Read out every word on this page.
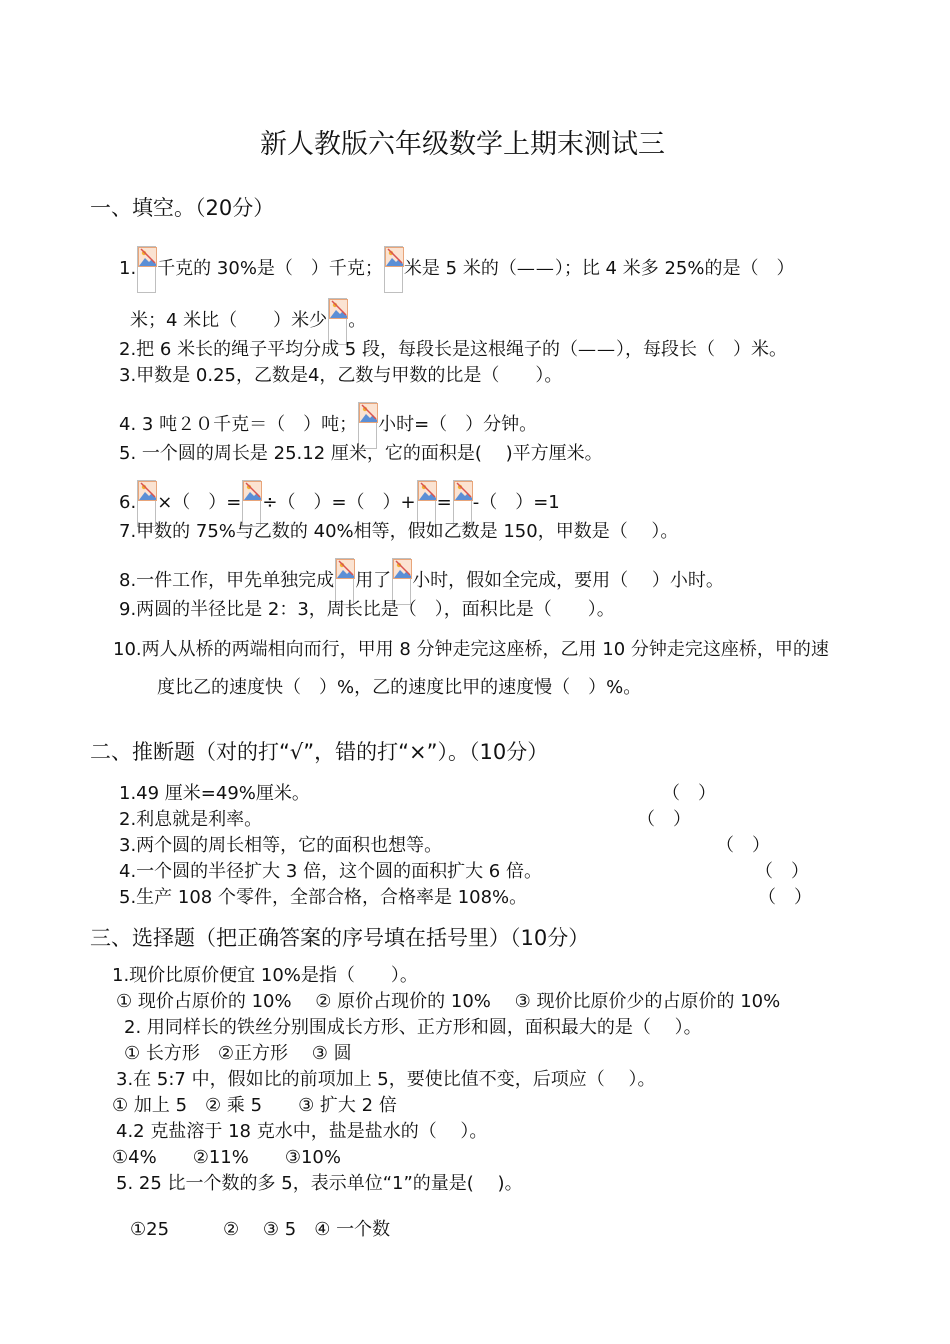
新人教版六年级数学上期末测试三
一、填空。（20分）
1. 千克的 30%是（　）千克； 米是 5 米的（——）；比 4 米多 25%的是（　）
米；4 米比（　　）米少 。
2.把 6 米长的绳子平均分成 5 段，每段长是这根绳子的（——），每段长（　）米。
3.甲数是 0.25，乙数是4，乙数与甲数的比是（　　）。
4. 3 吨２０千克＝（　）吨； 小时=（　）分钟。
5. 一个圆的周长是 25.12 厘米，它的面积是(　 )平方厘米。
6. ×（　）= ÷（　）=（　）+ = -（　）=1
7.甲数的 75%与乙数的 40%相等，假如乙数是 150，甲数是（　 ）。
8.一件工作，甲先单独完成 用了 小时，假如全完成，要用（　 ）小时。
9.两圆的半径比是 2：3，周长比是（　），面积比是（　　）。
10.两人从桥的两端相向而行，甲用 8 分钟走完这座桥，乙用 10 分钟走完这座桥，甲的速
度比乙的速度快（　）%，乙的速度比甲的速度慢（　）%。
二、推断题（对的打“√”，错的打“×”）。（10分）
1.49 厘米=49%厘米。	（　）
2.利息就是利率。	（　）
3.两个圆的周长相等，它的面积也想等。	（　）
4.一个圆的半径扩大 3 倍，这个圆的面积扩大 6 倍。	（　）
5.生产 108 个零件，全部合格，合格率是 108%。	（　）
三、选择题（把正确答案的序号填在括号里）（10分）
1.现价比原价便宜 10%是指（　　）。
① 现价占原价的 10%　 ② 原价占现价的 10%　 ③ 现价比原价少的占原价的 10%
2. 用同样长的铁丝分别围成长方形、正方形和圆，面积最大的是（　 ）。
① 长方形　②正方形　 ③ 圆
3.在 5:7 中，假如比的前项加上 5，要使比值不变，后项应（　 ）。
① 加上 5　② 乘 5　　③ 扩大 2 倍
4.2 克盐溶于 18 克水中，盐是盐水的（　 ）。
①4%　　②11%　　③10%
5. 25 比一个数的多 5，表示单位“1”的量是(　 )。
①25　　　②　 ③ 5　④ 一个数
